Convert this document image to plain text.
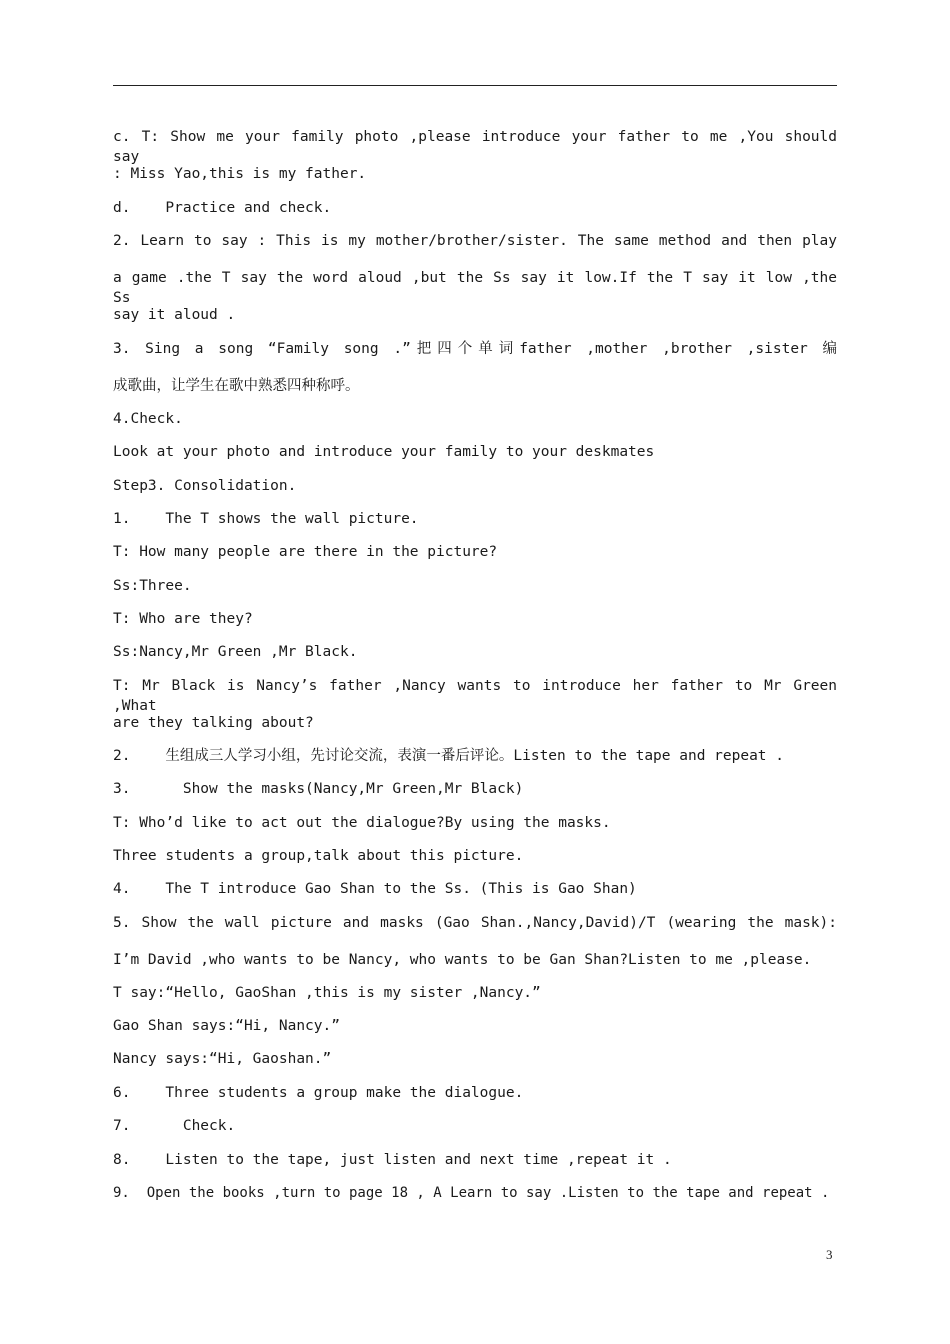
c. T: Show me your family photo ,please introduce your father to me ,You should say
: Miss Yao,this is my father.
d.    Practice and check.
2. Learn to say : This is my mother/brother/sister. The same method and then play
a game .the T say the word aloud ,but the Ss say it low.If the T say it low ,the Ss
say it aloud .
3. Sing a song “Family song .”把四个单词father ,mother ,brother ,sister 编
成歌曲，让学生在歌中熟悉四种称呼。
4.Check.
Look at your photo and introduce your family to your deskmates
Step3. Consolidation.
1.    The T shows the wall picture.
T: How many people are there in the picture?
Ss:Three.
T: Who are they?
Ss:Nancy,Mr Green ,Mr Black.
T: Mr Black is Nancy’s father ,Nancy wants to introduce her father to Mr Green ,What
are they talking about?
2.    生组成三人学习小组，先讨论交流，表演一番后评论。Listen to the tape and repeat .
3.      Show the masks(Nancy,Mr Green,Mr Black)
T: Who’d like to act out the dialogue?By using the masks.
Three students a group,talk about this picture.
4.    The T introduce Gao Shan to the Ss. (This is Gao Shan)
5. Show the wall picture and masks (Gao Shan.,Nancy,David)/T (wearing the mask):
I’m David ,who wants to be Nancy, who wants to be Gan Shan?Listen to me ,please.
T say:“Hello, GaoShan ,this is my sister ,Nancy.”
Gao Shan says:“Hi, Nancy.”
Nancy says:“Hi, Gaoshan.”
6.    Three students a group make the dialogue.
7.      Check.
8.    Listen to the tape, just listen and next time ,repeat it .
9.  Open the books ,turn to page 18 , A Learn to say .Listen to the tape and repeat .
3
